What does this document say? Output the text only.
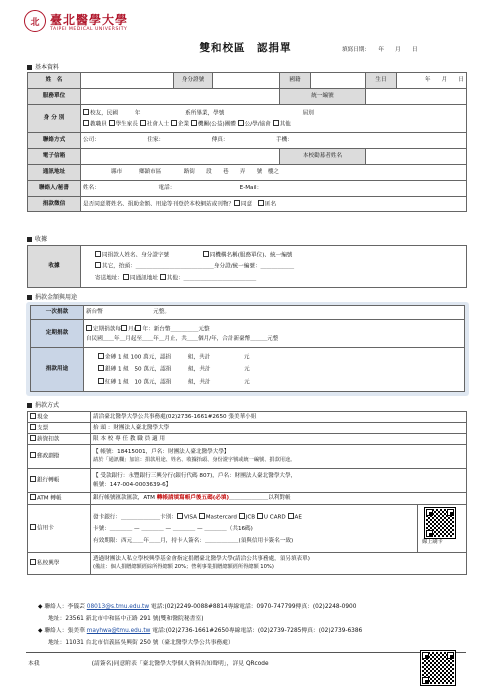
北 臺北醫學大學
TAIPEI MEDICAL UNIVERSITY
雙和校區　認捐單	填寫日期：　　年　　月　　日
基本資料
姓　名		身分證號		國籍		生日	年　　月　　日
服務單位				統一編號			
身 分 別	校友，民國　　　 年　　　　　　　　 系所畢業，學號　　　　　　　　　　　　　　 屆別
教職員 學生家長 社會人士 企業 機關(公益)團體 公/學/協會 其他						

聯絡方式	公司：　　　　　　　　　 住家：　　　　　　　　　 傳真：　　　　　　　　　 手機：						
電子信箱				本校勸募者姓名			
通訊地址	　　　　　縣市　　　 鄉鎮市區　　　　 路街　　 段　　 巷　　 弄　　 號　 樓之						
聯絡人/秘書	姓名：　　　　　　　　　　　 電話：　　　　　　　　　　　　 E-Mail：						
捐款徵信	是否同意將姓名、捐助金額、用途等刊登於本校網站或刊物？ 同意　 匿名						
收據
收據	
同捐款人姓名、身分證字號　　　　　　	同機構名稱(服務單位)、統一編號
其它，抬頭：＿＿＿＿＿＿＿＿＿＿＿＿＿＿身分證/統一編號：＿＿＿＿＿＿
寄送地址： 同通訊地址 其他：＿＿＿＿＿＿＿＿＿＿＿＿＿
捐款金額與用途
一次捐款	新台幣　　　　　　　　　元整。
定期捐款	定期捐款每 月/ 年：新台幣＿＿＿＿＿元整
自民國＿＿年＿月起至＿＿年＿月止，共＿＿個月/年，合計新臺幣＿＿＿元整

捐款用途	金磚 1 組 100 萬元，認捐　　　組，共計　　　　　　元
銀磚 1 組　50 萬元，認捐　　　組，共計　　　　　　元
紅磚 1 組　10 萬元，認捐　　　組，共計　　　　　　元
捐款方式
現金	請洽臺北醫學大學公共事務處(02)2736-1661#2650 張美華小姐	
支票	抬 頭 ：財團法人臺北醫學大學	
薪資扣款	限 本 校 專 任 教 職 員 適 用	
郵政劃撥	【 帳號：18415001，戶名：財團法人臺北醫學大學】
請於「通訊欄」加註：捐款用途、姓名、收據抬頭、身份證字號或統一編號、捐款用途。	

銀行轉帳	【 受款銀行：永豐銀行三興分行(銀行代碼 807)，戶名：財團法人臺北醫學大學，
帳號：147-004-0003639-6】	

ATM 轉帳	銀行帳號匯款匯款，ATM 轉帳請填寫帳戶後五碼(必填)＿＿＿＿＿＿＿以利對帳	
信用卡	發卡銀行：＿＿＿＿＿＿＿卡別： VISA Mastercard JCB U CARD AE
卡號：＿＿＿＿ — ＿＿＿＿ — ＿＿＿＿ — ＿＿＿＿（共16碼)
有效期限：西元＿＿年＿＿月，持卡人簽名：＿＿＿＿＿＿(須與信用卡簽名一致)	線上刷卡

私校興學	透過財團法人私立學校興學基金會指定捐贈臺北醫學大學(請洽公共事務處，須另填表單)
(備註：個人捐贈總額經綜所得總額 20%；營利事業捐贈總額經所得總額 10%)	
◆ 聯絡人：李儀芸 08013@s.tmu.edu.tw 電話:(02)2249-0088#8814專線電話：0970-747799傳真：(02)2248-0900
地址：23561 新北市中和區中正路 291 號(雙和醫院秘書室)
◆ 聯絡人：張美華 mayhwa@tmu.edu.tw 電話:(02)2736-1661#2650專線電話：(02)2739-7285傳真：(02)2739-6386
地址：11031 台北市信義區吳興街 250 號（臺北醫學大學公共事務處）
本我　　　　　　　　　(請簽名)同意附表「臺北醫學大學個人資料告知聲明」，詳見 QRcode
